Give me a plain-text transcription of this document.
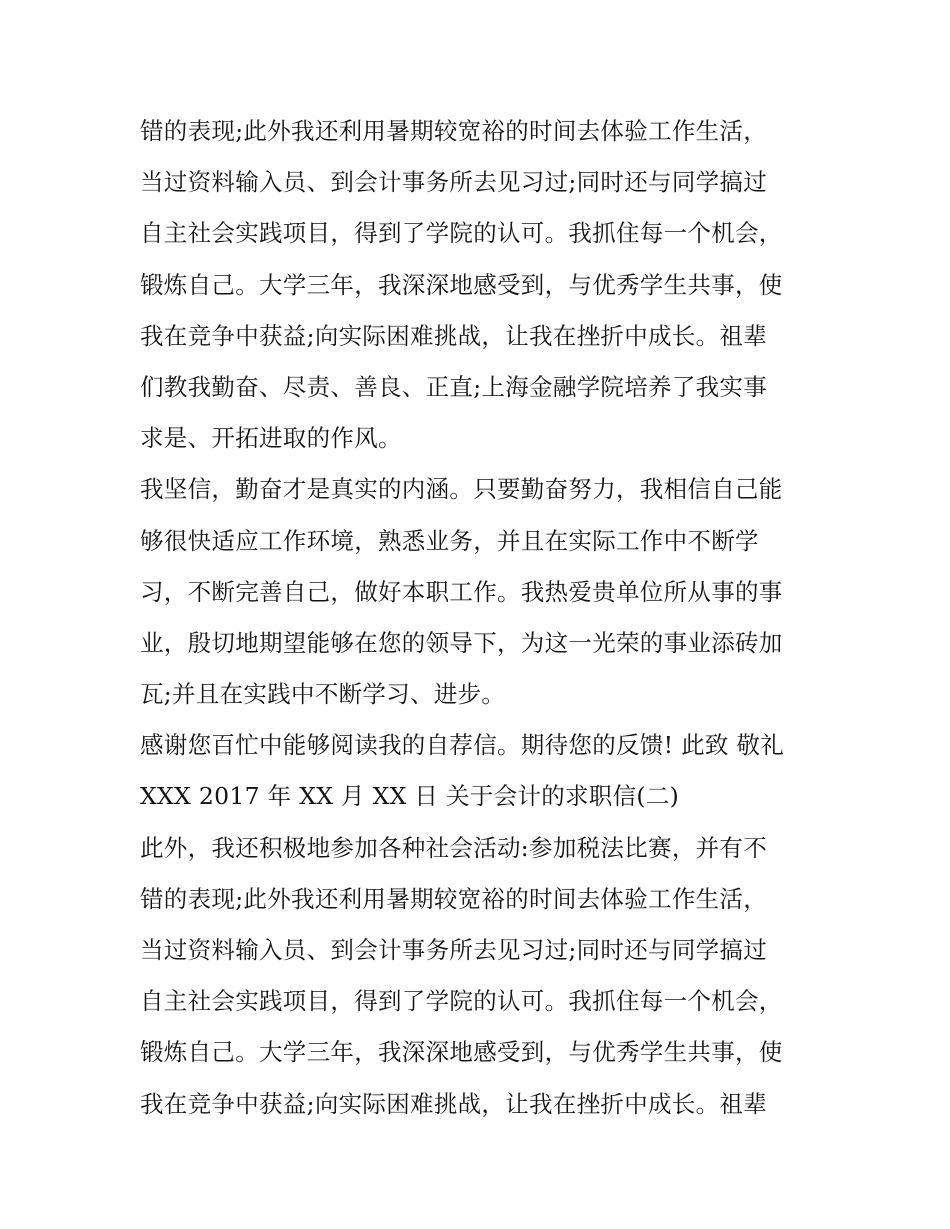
错的表现;此外我还利用暑期较宽裕的时间去体验工作生活，
当过资料输入员、到会计事务所去见习过;同时还与同学搞过
自主社会实践项目，得到了学院的认可。我抓住每一个机会，
锻炼自己。大学三年，我深深地感受到，与优秀学生共事，使
我在竞争中获益;向实际困难挑战，让我在挫折中成长。祖辈
们教我勤奋、尽责、善良、正直;上海金融学院培养了我实事
求是、开拓进取的作风。
我坚信，勤奋才是真实的内涵。只要勤奋努力，我相信自己能
够很快适应工作环境，熟悉业务，并且在实际工作中不断学
习，不断完善自己，做好本职工作。我热爱贵单位所从事的事
业，殷切地期望能够在您的领导下，为这一光荣的事业添砖加
瓦;并且在实践中不断学习、进步。
感谢您百忙中能够阅读我的自荐信。期待您的反馈! 此致 敬礼
XXX 2017 年 XX 月 XX 日 关于会计的求职信(二)
此外，我还积极地参加各种社会活动:参加税法比赛，并有不
错的表现;此外我还利用暑期较宽裕的时间去体验工作生活，
当过资料输入员、到会计事务所去见习过;同时还与同学搞过
自主社会实践项目，得到了学院的认可。我抓住每一个机会，
锻炼自己。大学三年，我深深地感受到，与优秀学生共事，使
我在竞争中获益;向实际困难挑战，让我在挫折中成长。祖辈
